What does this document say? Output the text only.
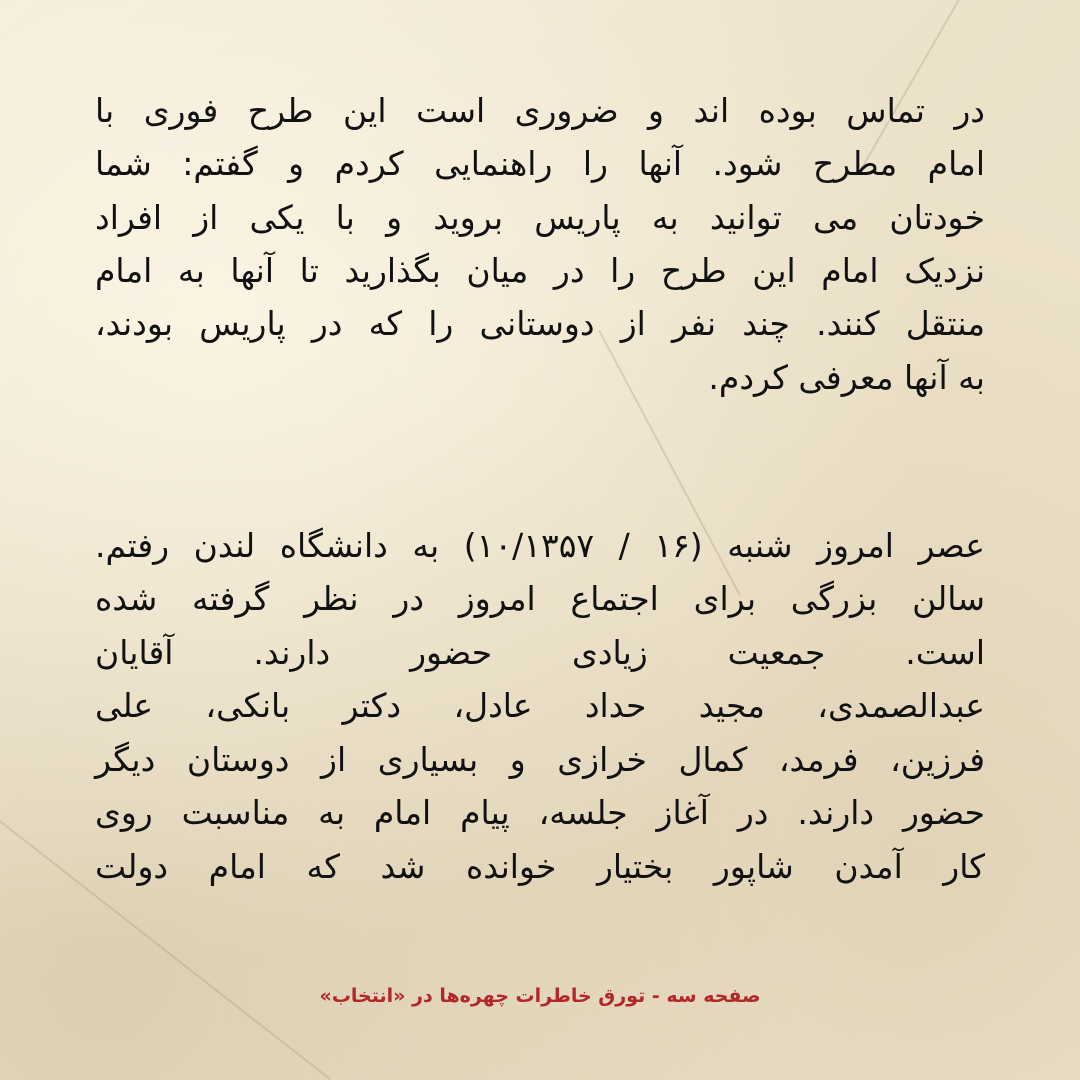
در تماس بوده اند و ضروری است این طرح فوری با
امام مطرح شود. آنها را راهنمایی کردم و گفتم: شما
خودتان می توانید به پاریس بروید و با یکی از افراد
نزدیک امام این طرح را در میان بگذارید تا آنها به امام
منتقل کنند. چند نفر از دوستانی را که در پاریس بودند،
به آنها معرفی کردم.
عصر امروز شنبه (۱۶ / ۱۰/۱۳۵۷) به دانشگاه لندن رفتم.
سالن بزرگی برای اجتماع امروز در نظر گرفته شده
است. جمعیت زیادی حضور دارند. آقایان
عبدالصمدی، مجید حداد عادل، دکتر بانکی، علی
فرزین، فرمد، کمال خرازی و بسیاری از دوستان دیگر
حضور دارند. در آغاز جلسه، پیام امام به مناسبت روی
کار آمدن شاپور بختیار خوانده شد که امام دولت
صفحه سه - تورق خاطرات چهره‌ها در «انتخاب»
